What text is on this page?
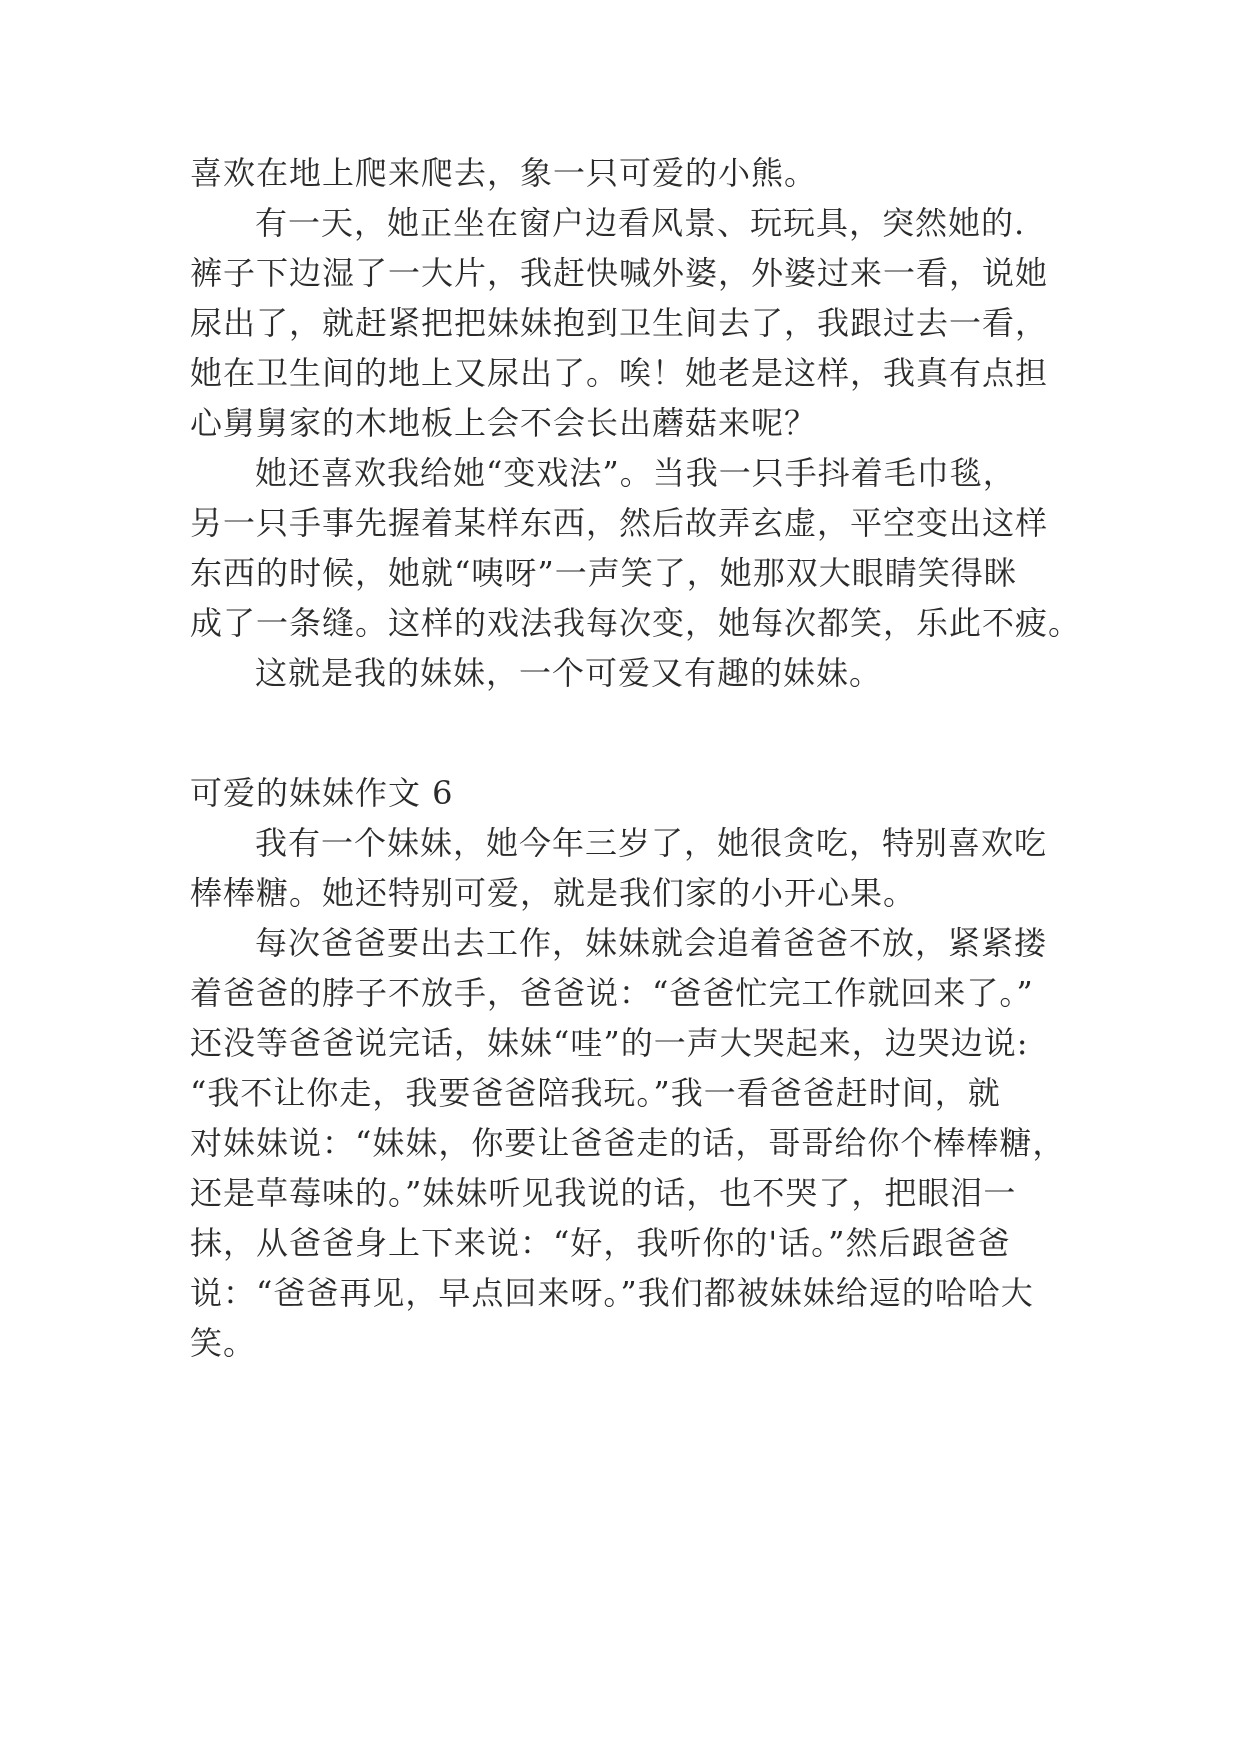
喜欢在地上爬来爬去，象一只可爱的小熊。
有一天，她正坐在窗户边看风景、玩玩具，突然她的.
裤子下边湿了一大片，我赶快喊外婆，外婆过来一看，说她
尿出了，就赶紧把把妹妹抱到卫生间去了，我跟过去一看，
她在卫生间的地上又尿出了。唉！她老是这样，我真有点担
心舅舅家的木地板上会不会长出蘑菇来呢？
她还喜欢我给她“变戏法”。当我一只手抖着毛巾毯，
另一只手事先握着某样东西，然后故弄玄虚，平空变出这样
东西的时候，她就“咦呀”一声笑了，她那双大眼睛笑得眯
成了一条缝。这样的戏法我每次变，她每次都笑，乐此不疲。
这就是我的妹妹，一个可爱又有趣的妹妹。
可爱的妹妹作文 6
我有一个妹妹，她今年三岁了，她很贪吃，特别喜欢吃
棒棒糖。她还特别可爱，就是我们家的小开心果。
每次爸爸要出去工作，妹妹就会追着爸爸不放，紧紧搂
着爸爸的脖子不放手，爸爸说：“爸爸忙完工作就回来了。”
还没等爸爸说完话，妹妹“哇”的一声大哭起来，边哭边说:
“我不让你走，我要爸爸陪我玩。”我一看爸爸赶时间，就
对妹妹说：“妹妹，你要让爸爸走的话，哥哥给你个棒棒糖，
还是草莓味的。”妹妹听见我说的话，也不哭了，把眼泪一
抹，从爸爸身上下来说：“好，我听你的'话。”然后跟爸爸
说：“爸爸再见，早点回来呀。”我们都被妹妹给逗的哈哈大
笑。
